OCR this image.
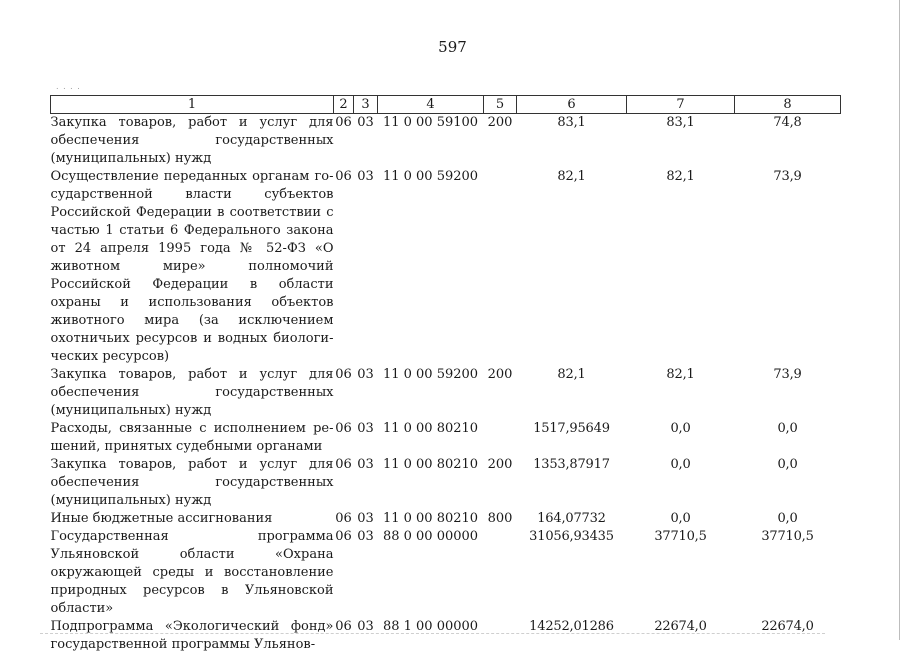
. . . .
597
1	2	3	4	5	6	7	8
Закупка товаров, работ и услуг для обеспечения государственных (муниципальных) нужд	06	03	11 0 00 59100	200	83,1	83,1	74,8
Осуществление переданных органам государственной власти субъектов Российской Федерации в соответствии с частью 1 статьи 6 Федерального закона от 24 апреля 1995 года № 52-ФЗ «О животном мире» полномочий Российской Федерации в области охраны и использования объектов животного мира (за исключением охотничьих ресурсов и водных биологических ресурсов)	06	03	11 0 00 59200		82,1	82,1	73,9
Закупка товаров, работ и услуг для обеспечения государственных (муниципальных) нужд	06	03	11 0 00 59200	200	82,1	82,1	73,9
Расходы, связанные с исполнением решений, принятых судебными органами	06	03	11 0 00 80210		1517,95649	0,0	0,0
Закупка товаров, работ и услуг для обеспечения государственных (муниципальных) нужд	06	03	11 0 00 80210	200	1353,87917	0,0	0,0
Иные бюджетные ассигнования	06	03	11 0 00 80210	800	164,07732	0,0	0,0
Государственная программа Ульяновской области «Охрана окружающей среды и восстановление природных ресурсов в Ульяновской области»	06	03	88 0 00 00000		31056,93435	37710,5	37710,5
Подпрограмма «Экологический фонд» государственной программы Ульянов-	06	03	88 1 00 00000		14252,01286	22674,0	22674,0
